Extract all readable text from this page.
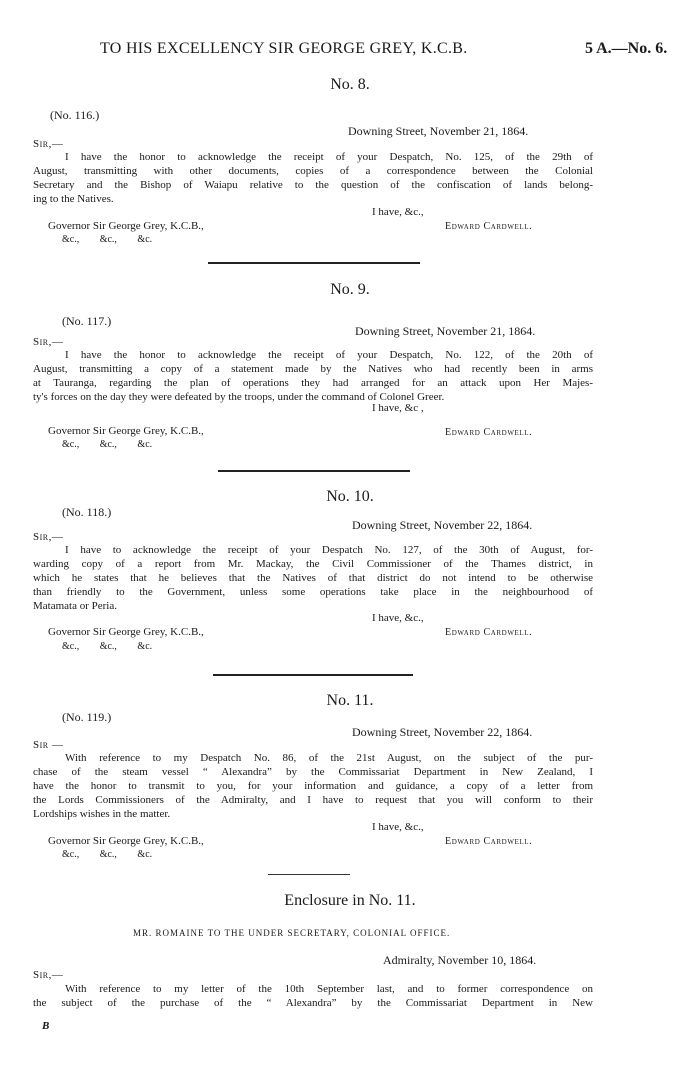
TO HIS EXCELLENCY SIR GEORGE GREY, K.C.B.	5 A.—No. 6.
No. 8.
(No. 116.)
Downing Street, November 21, 1864.
Sir,—
I have the honor to acknowledge the receipt of your Despatch, No. 125, of the 29th of
August, transmitting with other documents, copies of a correspondence between the Colonial
Secretary and the Bishop of Waiapu relative to the question of the confiscation of lands belong-
ing to the Natives.
I have, &c.,
Governor Sir George Grey, K.C.B.,	Edward Cardwell.
&c., &c., &c.
No. 9.
(No. 117.)
Downing Street, November 21, 1864.
Sir,—
I have the honor to acknowledge the receipt of your Despatch, No. 122, of the 20th of
August, transmitting a copy of a statement made by the Natives who had recently been in arms
at Tauranga, regarding the plan of operations they had arranged for an attack upon Her Majes-
ty's forces on the day they were defeated by the troops, under the command of Colonel Greer.
I have, &c ,
Governor Sir George Grey, K.C.B.,	Edward Cardwell.
&c., &c., &c.
No. 10.
(No. 118.)
Downing Street, November 22, 1864.
Sir,—
I have to acknowledge the receipt of your Despatch No. 127, of the 30th of August, for-
warding copy of a report from Mr. Mackay, the Civil Commissioner of the Thames district, in
which he states that he believes that the Natives of that district do not intend to be otherwise
than friendly to the Government, unless some operations take place in the neighbourhood of
Matamata or Peria.
I have, &c.,
Governor Sir George Grey, K.C.B.,	Edward Cardwell.
&c., &c., &c.
No. 11.
(No. 119.)
Downing Street, November 22, 1864.
Sir —
With reference to my Despatch No. 86, of the 21st August, on the subject of the pur-
chase of the steam vessel “ Alexandra” by the Commissariat Department in New Zealand, I
have the honor to transmit to you, for your information and guidance, a copy of a letter from
the Lords Commissioners of the Admiralty, and I have to request that you will conform to their
Lordships wishes in the matter.
I have, &c.,
Governor Sir George Grey, K.C.B.,	Edward Cardwell.
&c., &c., &c.
Enclosure in No. 11.
MR. ROMAINE TO THE UNDER SECRETARY, COLONIAL OFFICE.
Admiralty, November 10, 1864.
Sir,—
With reference to my letter of the 10th September last, and to former correspondence on
the subject of the purchase of the “ Alexandra” by the Commissariat Department in New
B
